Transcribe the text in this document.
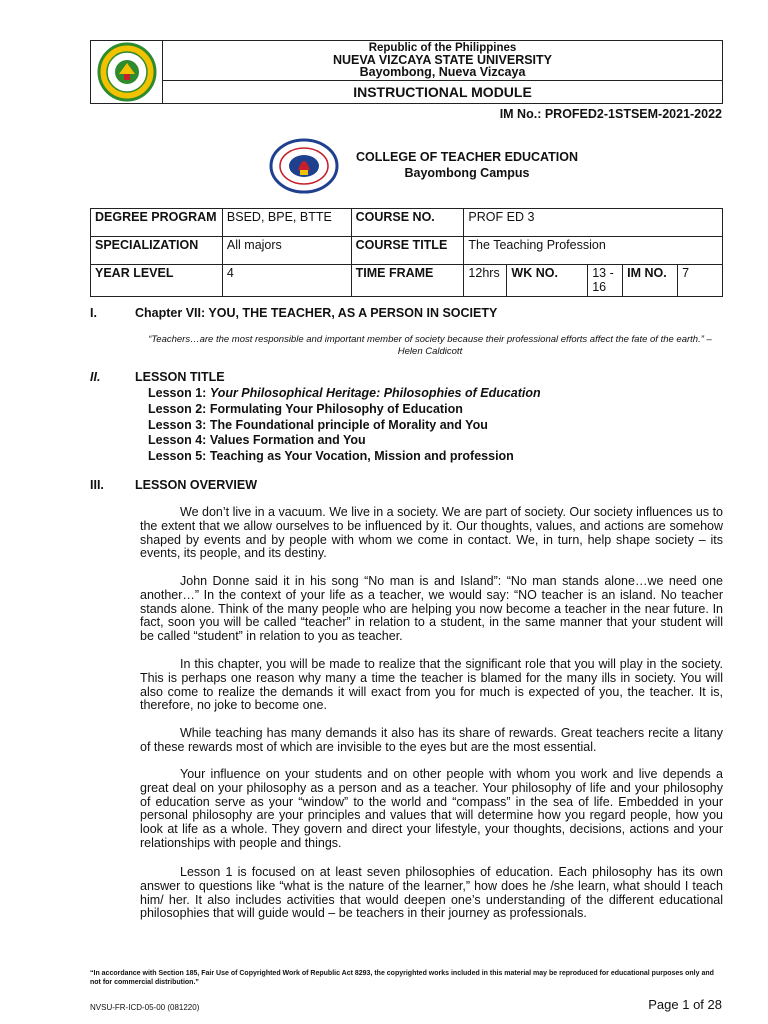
Republic of the Philippines
NUEVA VIZCAYA STATE UNIVERSITY
Bayombong, Nueva Vizcaya
INSTRUCTIONAL MODULE
IM No.: PROFED2-1STSEM-2021-2022
COLLEGE OF TEACHER EDUCATION
Bayombong Campus
DEGREE PROGRAM	BSED, BPE, BTTE	COURSE NO.	PROF ED 3				
SPECIALIZATION	All majors	COURSE TITLE	The Teaching Profession				
YEAR LEVEL	4	TIME FRAME	12hrs	WK NO.	13 - 16	IM NO.	7
I.	Chapter VII: YOU, THE TEACHER, AS A PERSON IN SOCIETY
“Teachers…are the most responsible and important member of society because their professional efforts affect the fate of the earth.” – Helen Caldicott
II.	LESSON TITLE
Lesson 1: Your Philosophical Heritage: Philosophies of Education
Lesson 2: Formulating Your Philosophy of Education
Lesson 3: The Foundational principle of Morality and You
Lesson 4: Values Formation and You
Lesson 5: Teaching as Your Vocation, Mission and profession
III. LESSON OVERVIEW
We don’t live in a vacuum. We live in a society. We are part of society. Our society influences us to the extent that we allow ourselves to be influenced by it. Our thoughts, values, and actions are somehow shaped by events and by people with whom we come in contact. We, in turn, help shape society – its events, its people, and its destiny.
John Donne said it in his song “No man is and Island”: “No man stands alone…we need one another…” In the context of your life as a teacher, we would say: “NO teacher is an island. No teacher stands alone. Think of the many people who are helping you now become a teacher in the near future. In fact, soon you will be called “teacher” in relation to a student, in the same manner that your student will be called “student” in relation to you as teacher.
In this chapter, you will be made to realize that the significant role that you will play in the society. This is perhaps one reason why many a time the teacher is blamed for the many ills in society. You will also come to realize the demands it will exact from you for much is expected of you, the teacher. It is, therefore, no joke to become one.
While teaching has many demands it also has its share of rewards. Great teachers recite a litany of these rewards most of which are invisible to the eyes but are the most essential.
Your influence on your students and on other people with whom you work and live depends a great deal on your philosophy as a person and as a teacher. Your philosophy of life and your philosophy of education serve as your “window” to the world and “compass” in the sea of life. Embedded in your personal philosophy are your principles and values that will determine how you regard people, how you look at life as a whole. They govern and direct your lifestyle, your thoughts, decisions, actions and your relationships with people and things.
Lesson 1 is focused on at least seven philosophies of education. Each philosophy has its own answer to questions like “what is the nature of the learner,” how does he /she learn, what should I teach him/ her. It also includes activities that would deepen one’s understanding of the different educational philosophies that will guide would – be teachers in their journey as professionals.
“In accordance with Section 185, Fair Use of Copyrighted Work of Republic Act 8293, the copyrighted works included in this material may be reproduced for educational purposes only and not for commercial distribution.”
NVSU-FR-ICD-05-00 (081220)	Page 1 of 28
